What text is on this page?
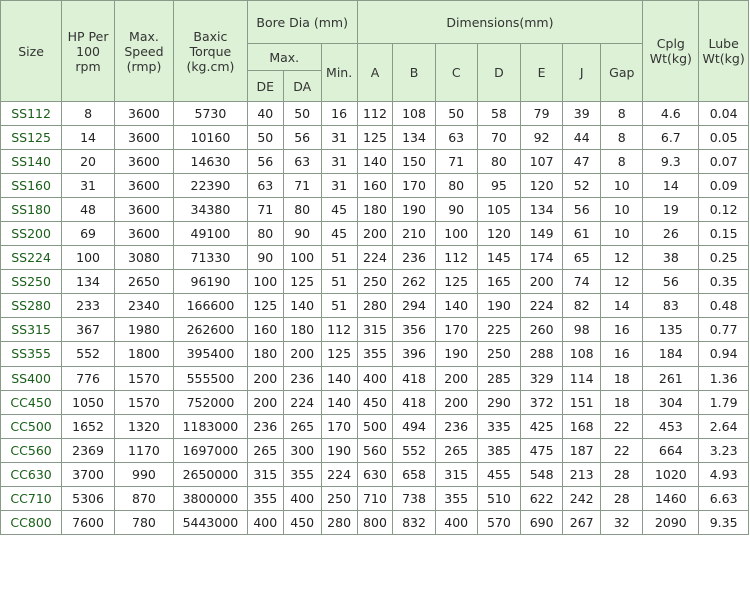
Size	HP Per 100 rpm	Max. Speed (rmp)	Baxic Torque (kg.cm)	Bore Dia (mm)			Dimensions(mm)							Cplg Wt(kg)	Lube Wt(kg)
				Max.		Min.	A	B	C	D	E	J	Gap		
				DE	DA										
SS112	8	3600	5730	40	50	16	112	108	50	58	79	39	8	4.6	0.04
SS125	14	3600	10160	50	56	31	125	134	63	70	92	44	8	6.7	0.05
SS140	20	3600	14630	56	63	31	140	150	71	80	107	47	8	9.3	0.07
SS160	31	3600	22390	63	71	31	160	170	80	95	120	52	10	14	0.09
SS180	48	3600	34380	71	80	45	180	190	90	105	134	56	10	19	0.12
SS200	69	3600	49100	80	90	45	200	210	100	120	149	61	10	26	0.15
SS224	100	3080	71330	90	100	51	224	236	112	145	174	65	12	38	0.25
SS250	134	2650	96190	100	125	51	250	262	125	165	200	74	12	56	0.35
SS280	233	2340	166600	125	140	51	280	294	140	190	224	82	14	83	0.48
SS315	367	1980	262600	160	180	112	315	356	170	225	260	98	16	135	0.77
SS355	552	1800	395400	180	200	125	355	396	190	250	288	108	16	184	0.94
SS400	776	1570	555500	200	236	140	400	418	200	285	329	114	18	261	1.36
CC450	1050	1570	752000	200	224	140	450	418	200	290	372	151	18	304	1.79
CC500	1652	1320	1183000	236	265	170	500	494	236	335	425	168	22	453	2.64
CC560	2369	1170	1697000	265	300	190	560	552	265	385	475	187	22	664	3.23
CC630	3700	990	2650000	315	355	224	630	658	315	455	548	213	28	1020	4.93
CC710	5306	870	3800000	355	400	250	710	738	355	510	622	242	28	1460	6.63
CC800	7600	780	5443000	400	450	280	800	832	400	570	690	267	32	2090	9.35
